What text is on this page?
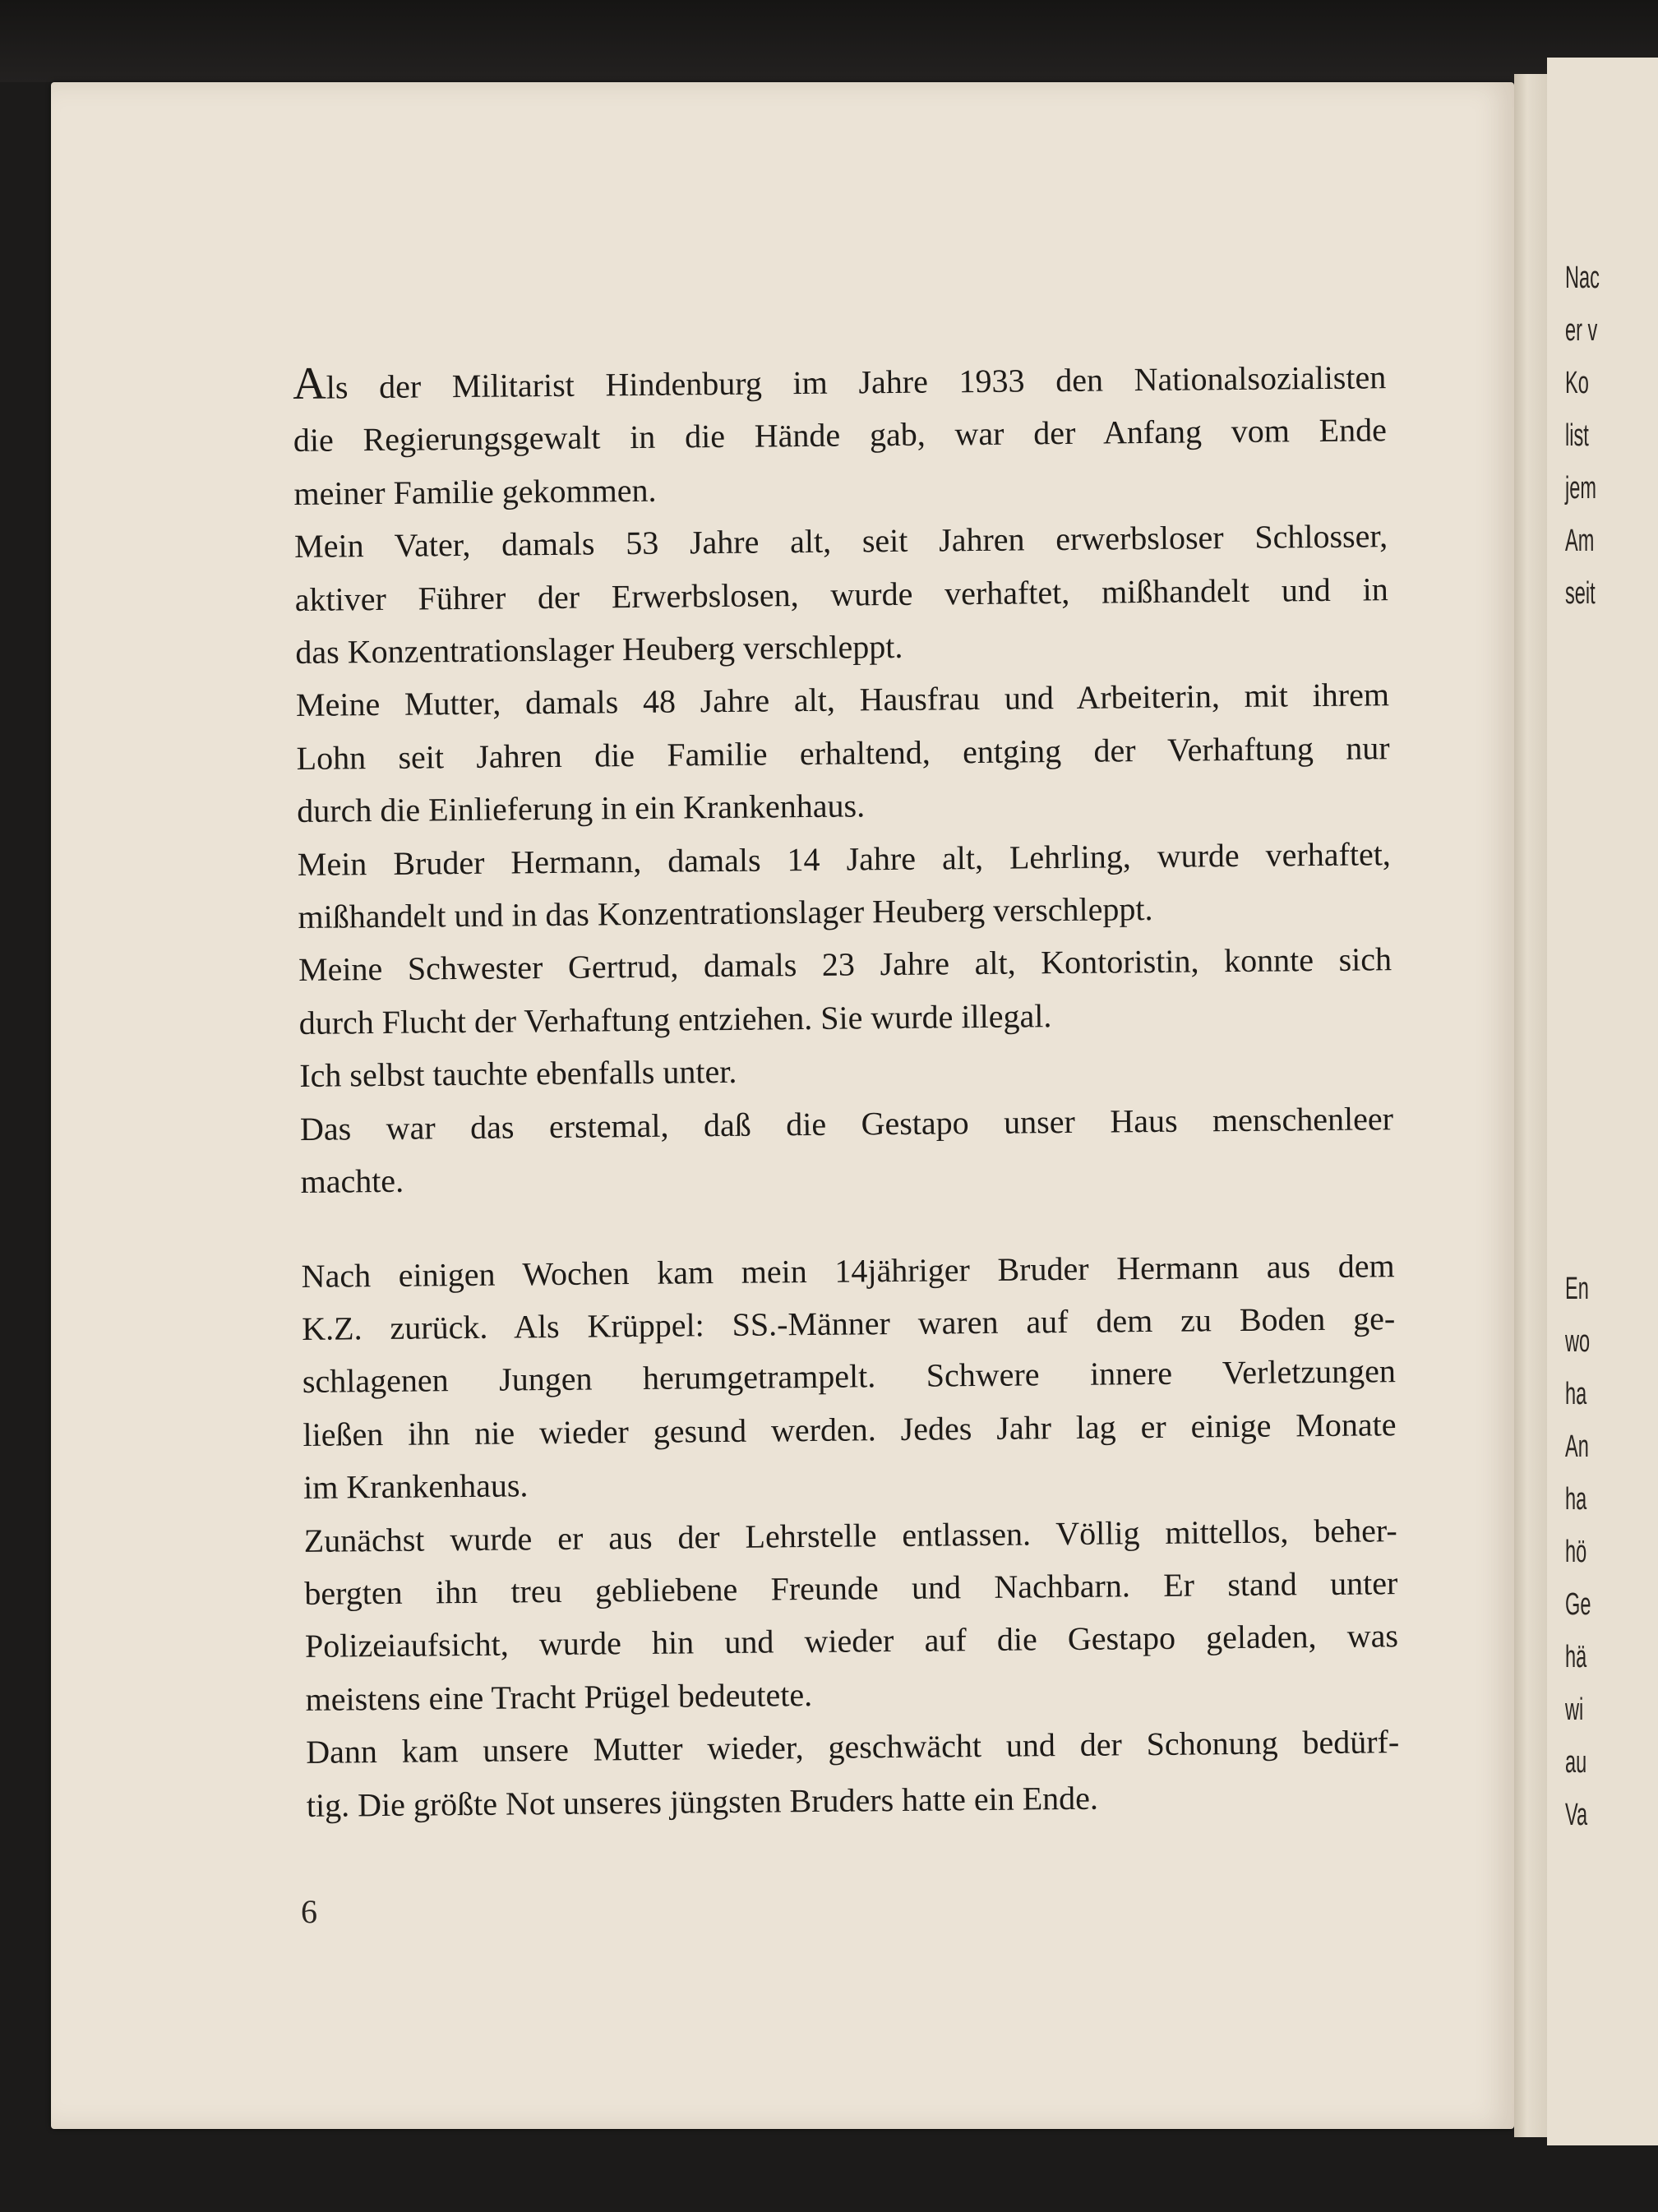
Nac
er v
Ko
list
jem
Am
seit
En
wo
ha
An
ha
hö
Ge
hä
wi
au
Va
Als der Militarist Hindenburg im Jahre 1933 den Nationalsozialisten
die Regierungsgewalt in die Hände gab, war der Anfang vom Ende
meiner Familie gekommen.
Mein Vater, damals 53 Jahre alt, seit Jahren erwerbsloser Schlosser,
aktiver Führer der Erwerbslosen, wurde verhaftet, mißhandelt und in
das Konzentrationslager Heuberg verschleppt.
Meine Mutter, damals 48 Jahre alt, Hausfrau und Arbeiterin, mit ihrem
Lohn seit Jahren die Familie erhaltend, entging der Verhaftung nur
durch die Einlieferung in ein Krankenhaus.
Mein Bruder Hermann, damals 14 Jahre alt, Lehrling, wurde verhaftet,
mißhandelt und in das Konzentrationslager Heuberg verschleppt.
Meine Schwester Gertrud, damals 23 Jahre alt, Kontoristin, konnte sich
durch Flucht der Verhaftung entziehen. Sie wurde illegal.
Ich selbst tauchte ebenfalls unter.
Das war das erstemal, daß die Gestapo unser Haus menschenleer
machte.
Nach einigen Wochen kam mein 14jähriger Bruder Hermann aus dem
K.Z. zurück. Als Krüppel: SS.-Männer waren auf dem zu Boden ge-
schlagenen Jungen herumgetrampelt. Schwere innere Verletzungen
ließen ihn nie wieder gesund werden. Jedes Jahr lag er einige Monate
im Krankenhaus.
Zunächst wurde er aus der Lehrstelle entlassen. Völlig mittellos, beher-
bergten ihn treu gebliebene Freunde und Nachbarn. Er stand unter
Polizeiaufsicht, wurde hin und wieder auf die Gestapo geladen, was
meistens eine Tracht Prügel bedeutete.
Dann kam unsere Mutter wieder, geschwächt und der Schonung bedürf-
tig. Die größte Not unseres jüngsten Bruders hatte ein Ende.
6
